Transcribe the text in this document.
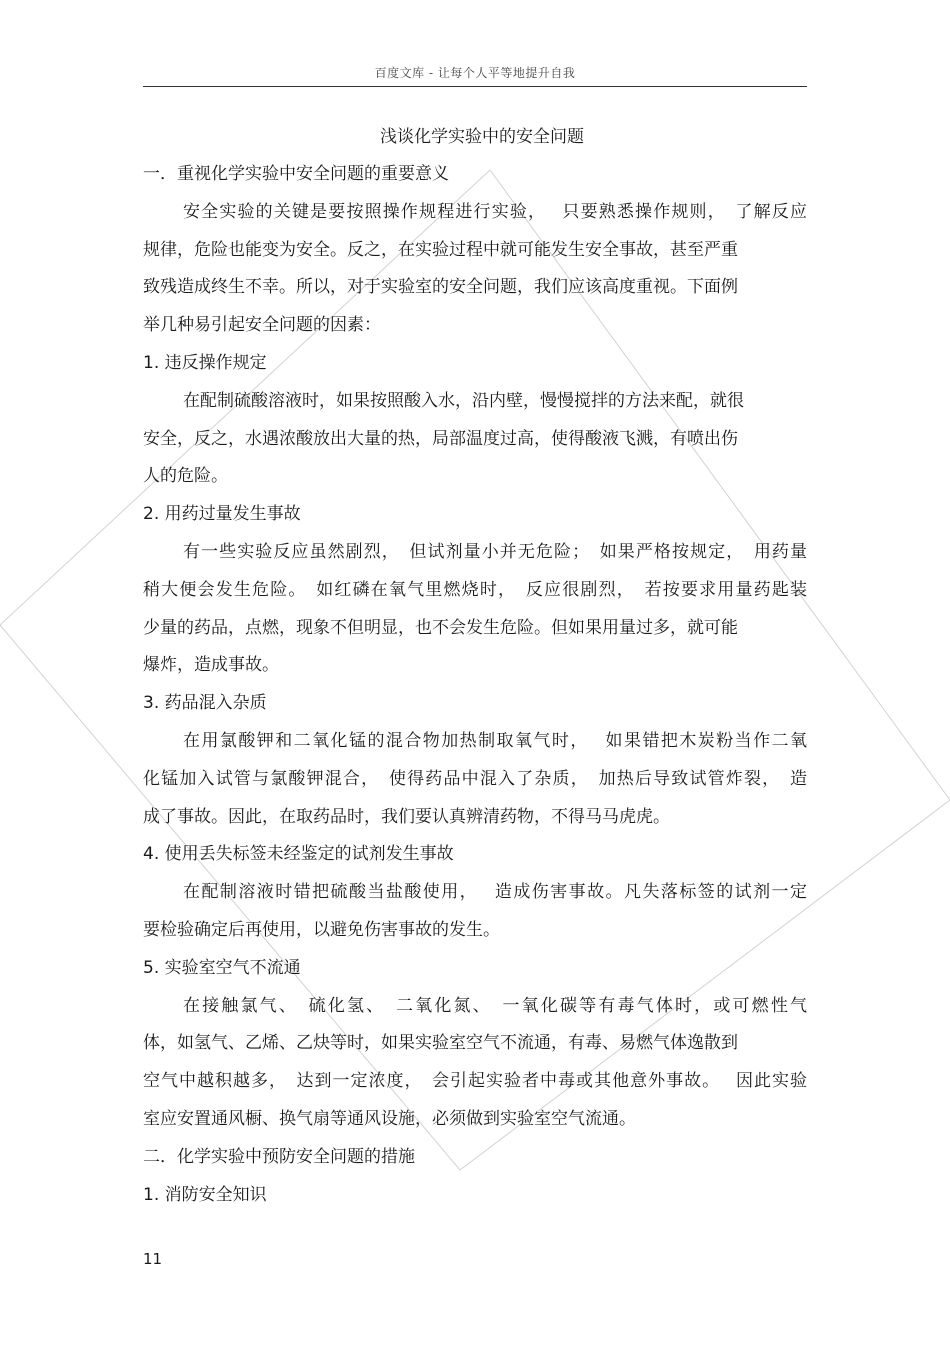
百度文库 - 让每个人平等地提升自我
浅谈化学实验中的安全问题
一．重视化学实验中安全问题的重要意义
安全实验的关键是要按照操作规程进行实验，　 只要熟悉操作规则，　了解反应
规律，危险也能变为安全。反之，在实验过程中就可能发生安全事故，甚至严重
致残造成终生不幸。所以，对于实验室的安全问题，我们应该高度重视。下面例
举几种易引起安全问题的因素：
1. 违反操作规定
在配制硫酸溶液时，如果按照酸入水，沿内壁，慢慢搅拌的方法来配，就很
安全，反之，水遇浓酸放出大量的热，局部温度过高，使得酸液飞溅，有喷出伤
人的危险。
2. 用药过量发生事故
有一些实验反应虽然剧烈，　但试剂量小并无危险；　如果严格按规定，　用药量
稍大便会发生危险。　如红磷在氧气里燃烧时，　反应很剧烈，　若按要求用量药匙装
少量的药品，点燃，现象不但明显，也不会发生危险。但如果用量过多，就可能
爆炸，造成事故。
3. 药品混入杂质
在用氯酸钾和二氧化锰的混合物加热制取氧气时，　 如果错把木炭粉当作二氧
化锰加入试管与氯酸钾混合，　使得药品中混入了杂质，　加热后导致试管炸裂，　造
成了事故。因此，在取药品时，我们要认真辨清药物，不得马马虎虎。
4. 使用丢失标签未经鉴定的试剂发生事故
在配制溶液时错把硫酸当盐酸使用，　 造成伤害事故。凡失落标签的试剂一定
要检验确定后再使用，以避免伤害事故的发生。
5. 实验室空气不流通
在接触氯气、　硫化氢、　二氧化氮、　一氧化碳等有毒气体时，或可燃性气
体，如氢气、乙烯、乙炔等时，如果实验室空气不流通，有毒、易燃气体逸散到
空气中越积越多，　达到一定浓度，　会引起实验者中毒或其他意外事故。　 因此实验
室应安置通风橱、换气扇等通风设施，必须做到实验室空气流通。
二．化学实验中预防安全问题的措施
1. 消防安全知识
11
